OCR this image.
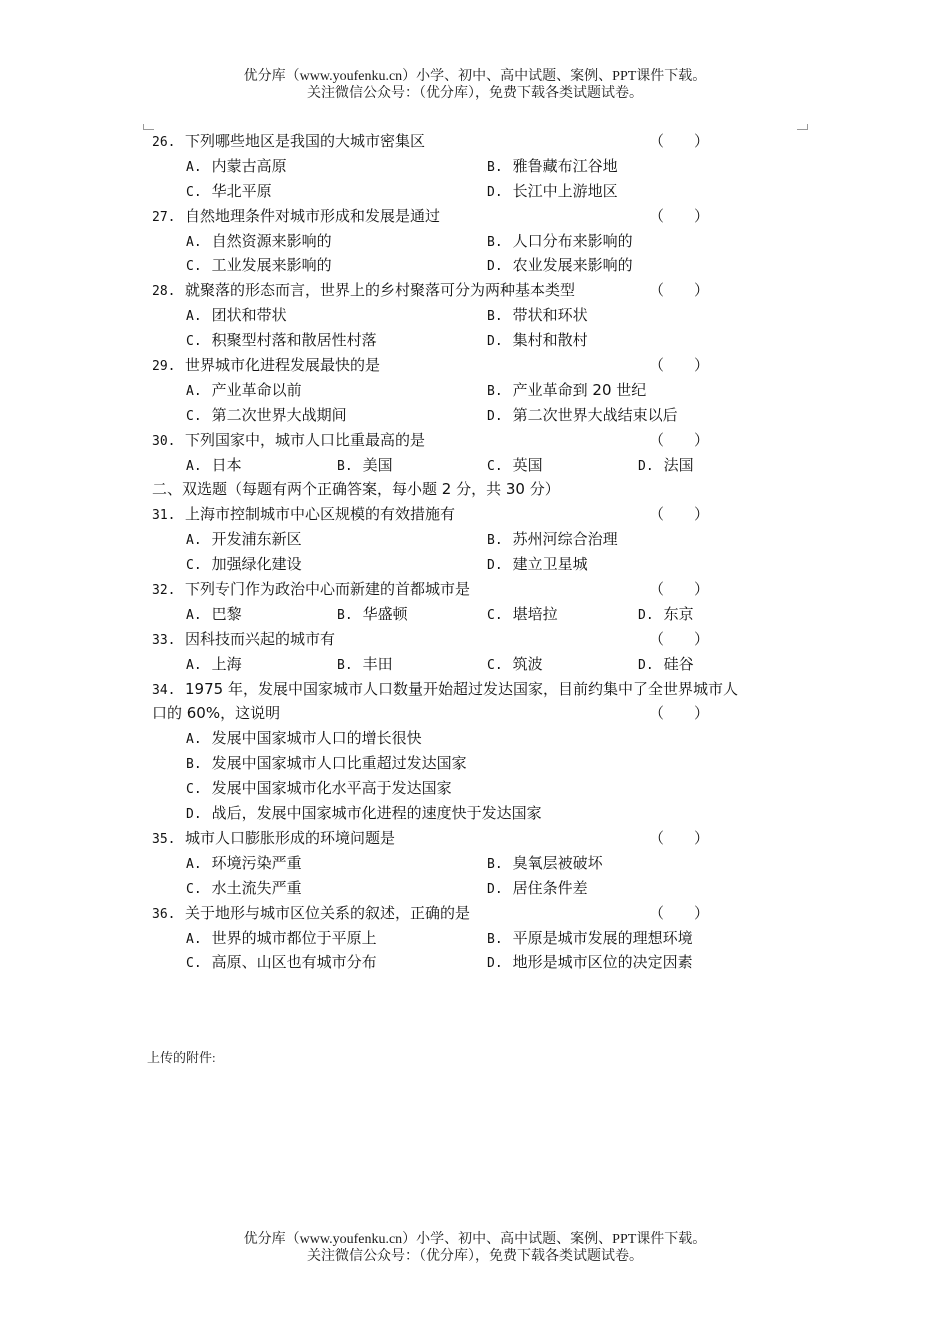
优分库（www.youfenku.cn）小学、初中、高中试题、案例、PPT课件下载。
关注微信公众号：（优分库），免费下载各类试题试卷。
26. 下列哪些地区是我国的大城市密集区	（　　）
A. 内蒙古高原	B. 雅鲁藏布江谷地
C. 华北平原	D. 长江中上游地区
27. 自然地理条件对城市形成和发展是通过	（　　）
A. 自然资源来影响的	B. 人口分布来影响的
C. 工业发展来影响的	D. 农业发展来影响的
28. 就聚落的形态而言，世界上的乡村聚落可分为两种基本类型	（　　）
A. 团状和带状	B. 带状和环状
C. 积聚型村落和散居性村落	D. 集村和散村
29. 世界城市化进程发展最快的是	（　　）
A. 产业革命以前	B. 产业革命到 20 世纪
C. 第二次世界大战期间	D. 第二次世界大战结束以后
30. 下列国家中，城市人口比重最高的是	（　　）
A. 日本	B. 美国	C. 英国	D. 法国
二、双选题（每题有两个正确答案，每小题 2 分，共 30 分）
31. 上海市控制城市中心区规模的有效措施有	（　　）
A. 开发浦东新区	B. 苏州河综合治理
C. 加强绿化建设	D. 建立卫星城
32. 下列专门作为政治中心而新建的首都城市是	（　　）
A. 巴黎	B. 华盛顿	C. 堪培拉	D. 东京
33. 因科技而兴起的城市有	（　　）
A. 上海	B. 丰田	C. 筑波	D. 硅谷
34. 1975 年，发展中国家城市人口数量开始超过发达国家，目前约集中了全世界城市人
口的 60%，这说明	（　　）
A. 发展中国家城市人口的增长很快
B. 发展中国家城市人口比重超过发达国家
C. 发展中国家城市化水平高于发达国家
D. 战后，发展中国家城市化进程的速度快于发达国家
35. 城市人口膨胀形成的环境问题是	（　　）
A. 环境污染严重	B. 臭氧层被破坏
C. 水土流失严重	D. 居住条件差
36. 关于地形与城市区位关系的叙述，正确的是	（　　）
A. 世界的城市都位于平原上	B. 平原是城市发展的理想环境
C. 高原、山区也有城市分布	D. 地形是城市区位的决定因素
上传的附件:
优分库（www.youfenku.cn）小学、初中、高中试题、案例、PPT课件下载。
关注微信公众号：（优分库），免费下载各类试题试卷。
